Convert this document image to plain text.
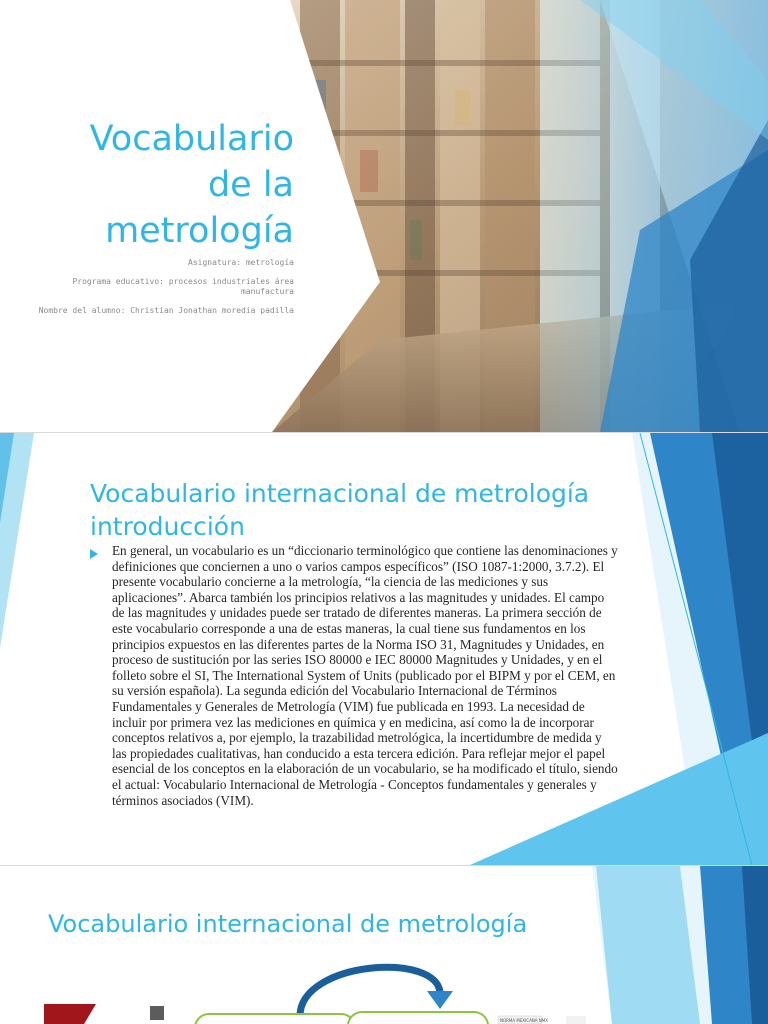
Vocabulario
de la
metrología
Asignatura: metrología
Programa educativo: procesos industriales área
manufactura
Nombre del alumno: Christian Jonathan moredia padilla
Vocabulario internacional de metrología
introducción

En general, un vocabulario es un “diccionario terminológico que contiene las denominaciones y definiciones que conciernen a uno o varios campos específicos” (ISO 1087-1:2000, 3.7.2). El presente vocabulario concierne a la metrología, “la ciencia de las mediciones y sus aplicaciones”. Abarca también los principios relativos a las magnitudes y unidades. El campo de las magnitudes y unidades puede ser tratado de diferentes maneras. La primera sección de este vocabulario corresponde a una de estas maneras, la cual tiene sus fundamentos en los principios expuestos en las diferentes partes de la Norma ISO 31, Magnitudes y Unidades, en proceso de sustitución por las series ISO 80000 e IEC 80000 Magnitudes y Unidades, y en el folleto sobre el SI, The International System of Units (publicado por el BIPM y por el CEM, en su versión española). La segunda edición del Vocabulario Internacional de Términos Fundamentales y Generales de Metrología (VIM) fue publicada en 1993. La necesidad de incluir por primera vez las mediciones en química y en medicina, así como la de incorporar conceptos relativos a, por ejemplo, la trazabilidad metrológica, la incertidumbre de medida y las propiedades cualitativas, han conducido a esta tercera edición. Para reflejar mejor el papel esencial de los conceptos en la elaboración de un vocabulario, se ha modificado el título, siendo el actual: Vocabulario Internacional de Metrología - Conceptos fundamentales y generales y términos asociados (VIM).

Vocabulario internacional de metrología
NORMA MEXICANA NMX
